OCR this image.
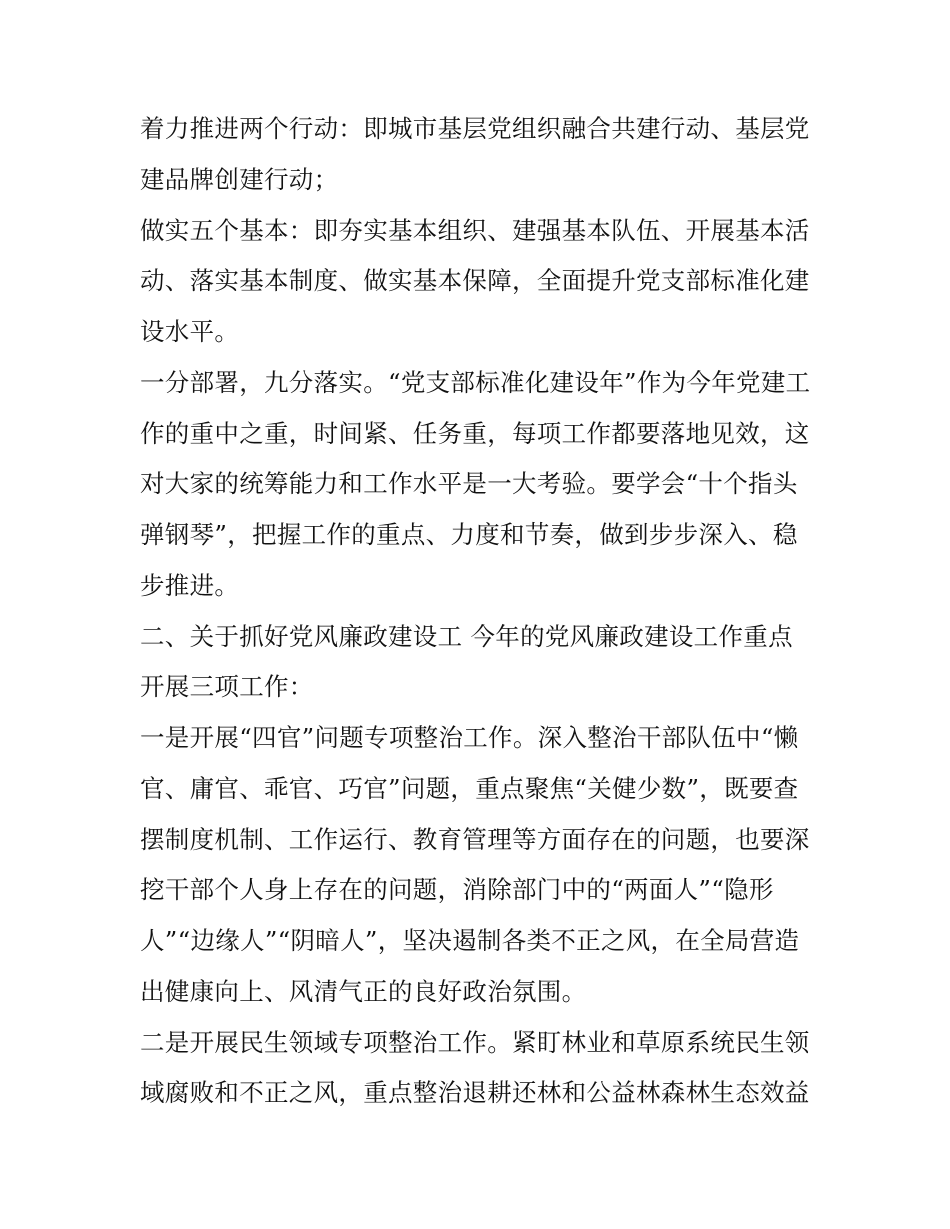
着力推进两个行动：即城市基层党组织融合共建行动、基层党
建品牌创建行动；
做实五个基本：即夯实基本组织、建强基本队伍、开展基本活
动、落实基本制度、做实基本保障，全面提升党支部标准化建
设水平。
一分部署，九分落实。“党支部标准化建设年”作为今年党建工
作的重中之重，时间紧、任务重，每项工作都要落地见效，这
对大家的统筹能力和工作水平是一大考验。要学会“十个指头
弹钢琴”，把握工作的重点、力度和节奏，做到步步深入、稳
步推进。
二、关于抓好党风廉政建设工 今年的党风廉政建设工作重点
开展三项工作：
一是开展“四官”问题专项整治工作。深入整治干部队伍中“懒
官、庸官、乖官、巧官”问题，重点聚焦“关健少数”，既要查
摆制度机制、工作运行、教育管理等方面存在的问题，也要深
挖干部个人身上存在的问题，消除部门中的“两面人”“隐形
人”“边缘人”“阴暗人”，坚决遏制各类不正之风，在全局营造
出健康向上、风清气正的良好政治氛围。
二是开展民生领域专项整治工作。紧盯林业和草原系统民生领
域腐败和不正之风，重点整治退耕还林和公益林森林生态效益
